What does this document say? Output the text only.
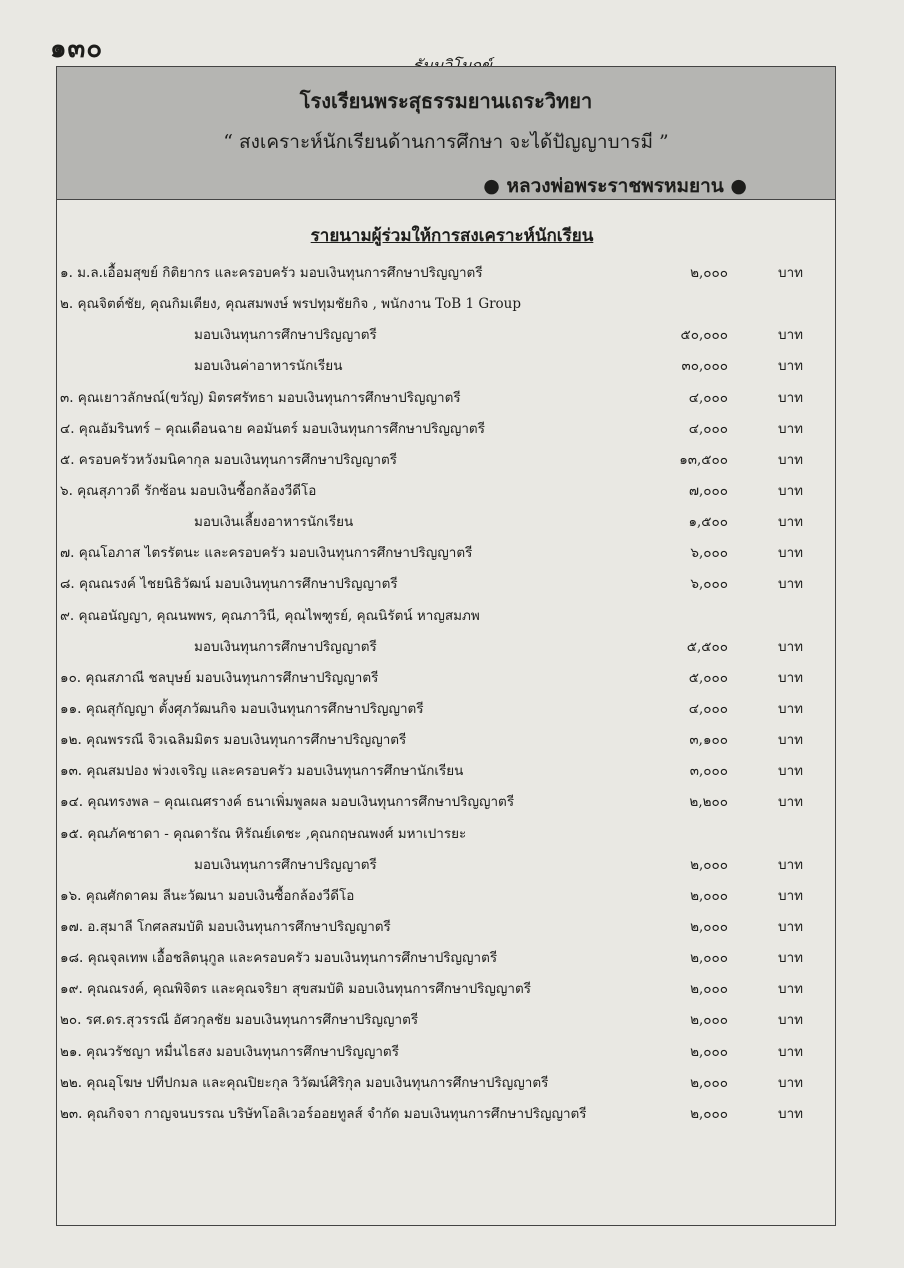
๑๓๐
โรงเรียนพระสุธรรมยานเถระวิทยา
“ สงเคราะห์นักเรียนด้านการศึกษา จะได้ปัญญาบารมี ”
● หลวงพ่อพระราชพรหมยาน ●
รายนามผู้ร่วมให้การสงเคราะห์นักเรียน
๑. ม.ล.เอื้อมสุขย์ กิติยากร และครอบครัว มอบเงินทุนการศึกษาปริญญาตรี	๒,๐๐๐	บาท
๒. คุณจิตต์ชัย, คุณกิมเตียง, คุณสมพงษ์ พรปทุมชัยกิจ , พนักงาน ToB 1 Group
มอบเงินทุนการศึกษาปริญญาตรี	๕๐,๐๐๐	บาท
มอบเงินค่าอาหารนักเรียน	๓๐,๐๐๐	บาท
๓. คุณเยาวลักษณ์(ขวัญ) มิตรศรัทธา มอบเงินทุนการศึกษาปริญญาตรี	๔,๐๐๐	บาท
๔. คุณอัมรินทร์ – คุณเดือนฉาย คอมันตร์ มอบเงินทุนการศึกษาปริญญาตรี	๔,๐๐๐	บาท
๕. ครอบครัวหวังมนิคากุล มอบเงินทุนการศึกษาปริญญาตรี	๑๓,๕๐๐	บาท
๖. คุณสุภาวดี รักซ้อน มอบเงินซื้อกล้องวีดีโอ	๗,๐๐๐	บาท
มอบเงินเลี้ยงอาหารนักเรียน	๑,๕๐๐	บาท
๗. คุณโอภาส ไตรรัตนะ และครอบครัว มอบเงินทุนการศึกษาปริญญาตรี	๖,๐๐๐	บาท
๘. คุณณรงค์ ไชยนิธิวัฒน์ มอบเงินทุนการศึกษาปริญญาตรี	๖,๐๐๐	บาท
๙. คุณอนัญญา, คุณนพพร, คุณภาวินี, คุณไพฑูรย์, คุณนิรัตน์ หาญสมภพ
มอบเงินทุนการศึกษาปริญญาตรี	๕,๕๐๐	บาท
๑๐. คุณสภาณี ชลบุษย์ มอบเงินทุนการศึกษาปริญญาตรี	๕,๐๐๐	บาท
๑๑. คุณสุกัญญา ตั้งศุภวัฒนกิจ มอบเงินทุนการศึกษาปริญญาตรี	๔,๐๐๐	บาท
๑๒. คุณพรรณี จิวเฉลิมมิตร มอบเงินทุนการศึกษาปริญญาตรี	๓,๑๐๐	บาท
๑๓. คุณสมปอง พ่วงเจริญ และครอบครัว มอบเงินทุนการศึกษานักเรียน	๓,๐๐๐	บาท
๑๔. คุณทรงพล – คุณเณศรางค์ ธนาเพิ่มพูลผล มอบเงินทุนการศึกษาปริญญาตรี	๒,๒๐๐	บาท
๑๕. คุณภัคชาดา - คุณดารัณ หิรัณย์เดชะ ,คุณกฤษณพงศ์ มหาเปารยะ
มอบเงินทุนการศึกษาปริญญาตรี	๒,๐๐๐	บาท
๑๖. คุณศักดาคม ลีนะวัฒนา มอบเงินซื้อกล้องวีดีโอ	๒,๐๐๐	บาท
๑๗. อ.สุมาลี โกศลสมบัติ มอบเงินทุนการศึกษาปริญญาตรี	๒,๐๐๐	บาท
๑๘. คุณจุลเทพ เอื้อชลิตนุกูล และครอบครัว มอบเงินทุนการศึกษาปริญญาตรี	๒,๐๐๐	บาท
๑๙. คุณณรงค์, คุณพิจิตร และคุณจริยา สุขสมบัติ มอบเงินทุนการศึกษาปริญญาตรี	๒,๐๐๐	บาท
๒๐. รศ.ดร.สุวรรณี อัศวกุลชัย มอบเงินทุนการศึกษาปริญญาตรี	๒,๐๐๐	บาท
๒๑. คุณวรัชญา หมื่นไธสง มอบเงินทุนการศึกษาปริญญาตรี	๒,๐๐๐	บาท
๒๒. คุณอุโฆษ ปทีปกมล และคุณปิยะกุล วิวัฒน์ศิริกุล มอบเงินทุนการศึกษาปริญญาตรี	๒,๐๐๐	บาท
๒๓. คุณกิจจา กาญจนบรรณ บริษัทโอลิเวอร์ออยทูลส์ จำกัด มอบเงินทุนการศึกษาปริญญาตรี	๒,๐๐๐	บาท
